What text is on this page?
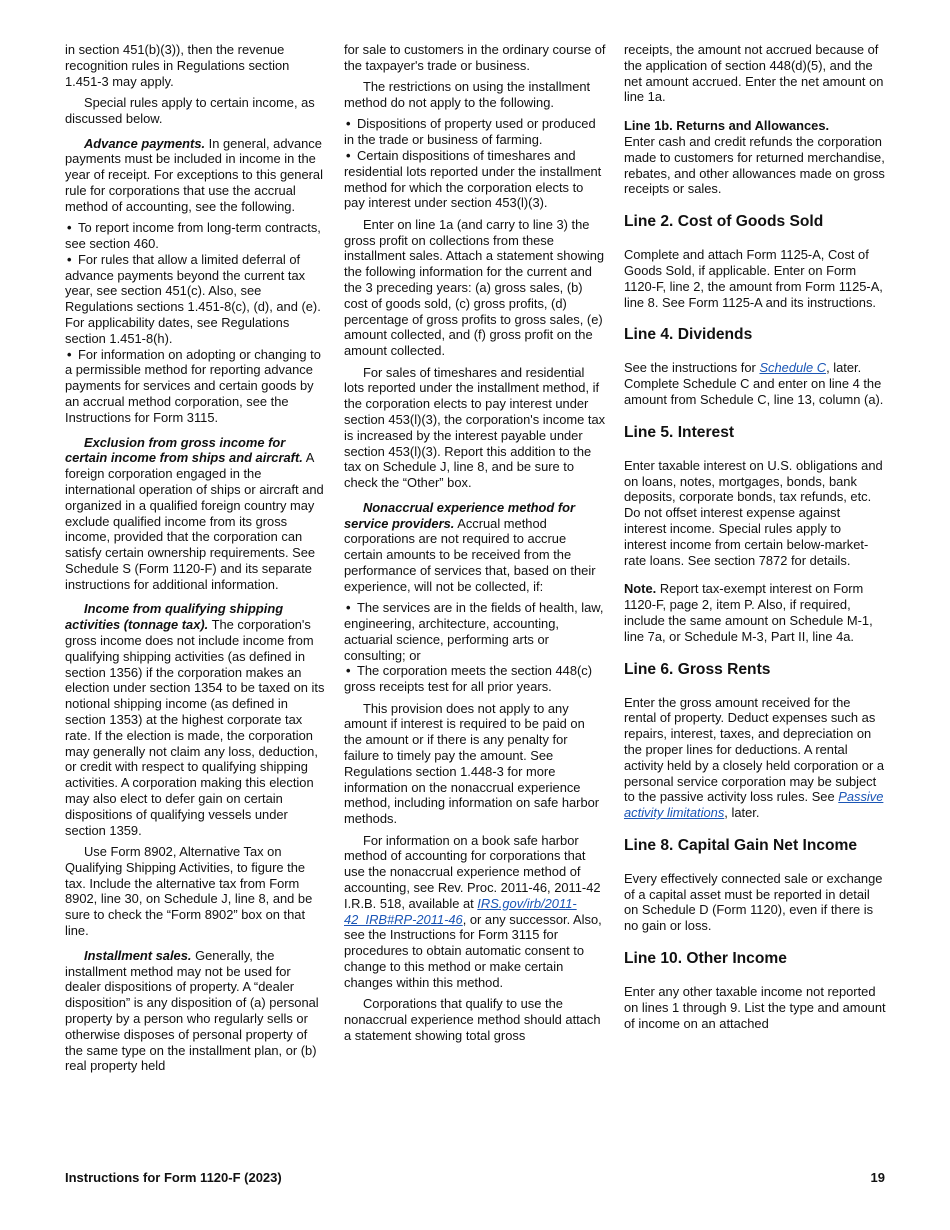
in section 451(b)(3)), then the revenue recognition rules in Regulations section 1.451-3 may apply.

Special rules apply to certain income, as discussed below.

Advance payments. In general, advance payments must be included in income in the year of receipt. For exceptions to this general rule for corporations that use the accrual method of accounting, see the following.

• To report income from long-term contracts, see section 460.
• For rules that allow a limited deferral of advance payments beyond the current tax year, see section 451(c). Also, see Regulations sections 1.451-8(c), (d), and (e). For applicability dates, see Regulations section 1.451-8(h).
• For information on adopting or changing to a permissible method for reporting advance payments for services and certain goods by an accrual method corporation, see the Instructions for Form 3115.

Exclusion from gross income for certain income from ships and aircraft. A foreign corporation engaged in the international operation of ships or aircraft and organized in a qualified foreign country may exclude qualified income from its gross income, provided that the corporation can satisfy certain ownership requirements. See Schedule S (Form 1120-F) and its separate instructions for additional information.

Income from qualifying shipping activities (tonnage tax). The corporation's gross income does not include income from qualifying shipping activities (as defined in section 1356) if the corporation makes an election under section 1354 to be taxed on its notional shipping income (as defined in section 1353) at the highest corporate tax rate. If the election is made, the corporation may generally not claim any loss, deduction, or credit with respect to qualifying shipping activities. A corporation making this election may also elect to defer gain on certain dispositions of qualifying vessels under section 1359.

Use Form 8902, Alternative Tax on Qualifying Shipping Activities, to figure the tax. Include the alternative tax from Form 8902, line 30, on Schedule J, line 8, and be sure to check the “Form 8902” box on that line.

Installment sales. Generally, the installment method may not be used for dealer dispositions of property. A “dealer disposition” is any disposition of (a) personal property by a person who regularly sells or otherwise disposes of personal property of the same type on the installment plan, or (b) real property held

for sale to customers in the ordinary course of the taxpayer's trade or business.

The restrictions on using the installment method do not apply to the following.

• Dispositions of property used or produced in the trade or business of farming.
• Certain dispositions of timeshares and residential lots reported under the installment method for which the corporation elects to pay interest under section 453(l)(3).

Enter on line 1a (and carry to line 3) the gross profit on collections from these installment sales. Attach a statement showing the following information for the current and the 3 preceding years: (a) gross sales, (b) cost of goods sold, (c) gross profits, (d) percentage of gross profits to gross sales, (e) amount collected, and (f) gross profit on the amount collected.

For sales of timeshares and residential lots reported under the installment method, if the corporation elects to pay interest under section 453(l)(3), the corporation's income tax is increased by the interest payable under section 453(l)(3). Report this addition to the tax on Schedule J, line 8, and be sure to check the “Other” box.

Nonaccrual experience method for service providers. Accrual method corporations are not required to accrue certain amounts to be received from the performance of services that, based on their experience, will not be collected, if:

• The services are in the fields of health, law, engineering, architecture, accounting, actuarial science, performing arts or consulting; or
• The corporation meets the section 448(c) gross receipts test for all prior years.

This provision does not apply to any amount if interest is required to be paid on the amount or if there is any penalty for failure to timely pay the amount. See Regulations section 1.448-3 for more information on the nonaccrual experience method, including information on safe harbor methods.

For information on a book safe harbor method of accounting for corporations that use the nonaccrual experience method of accounting, see Rev. Proc. 2011-46, 2011-42 I.R.B. 518, available at IRS.gov/irb/2011-42_IRB#RP-2011-46, or any successor. Also, see the Instructions for Form 3115 for procedures to obtain automatic consent to change to this method or make certain changes within this method.

Corporations that qualify to use the nonaccrual experience method should attach a statement showing total gross

receipts, the amount not accrued because of the application of section 448(d)(5), and the net amount accrued. Enter the net amount on line 1a.

Line 1b. Returns and Allowances.
Enter cash and credit refunds the corporation made to customers for returned merchandise, rebates, and other allowances made on gross receipts or sales.

Line 2. Cost of Goods Sold

Complete and attach Form 1125-A, Cost of Goods Sold, if applicable. Enter on Form 1120-F, line 2, the amount from Form 1125-A, line 8. See Form 1125-A and its instructions.

Line 4. Dividends

See the instructions for Schedule C, later. Complete Schedule C and enter on line 4 the amount from Schedule C, line 13, column (a).

Line 5. Interest

Enter taxable interest on U.S. obligations and on loans, notes, mortgages, bonds, bank deposits, corporate bonds, tax refunds, etc. Do not offset interest expense against interest income. Special rules apply to interest income from certain below-market-rate loans. See section 7872 for details.

Note. Report tax-exempt interest on Form 1120-F, page 2, item P. Also, if required, include the same amount on Schedule M-1, line 7a, or Schedule M-3, Part II, line 4a.

Line 6. Gross Rents

Enter the gross amount received for the rental of property. Deduct expenses such as repairs, interest, taxes, and depreciation on the proper lines for deductions. A rental activity held by a closely held corporation or a personal service corporation may be subject to the passive activity loss rules. See Passive activity limitations, later.

Line 8. Capital Gain Net Income

Every effectively connected sale or exchange of a capital asset must be reported in detail on Schedule D (Form 1120), even if there is no gain or loss.

Line 10. Other Income

Enter any other taxable income not reported on lines 1 through 9. List the type and amount of income on an attached

Instructions for Form 1120-F (2023)	19
